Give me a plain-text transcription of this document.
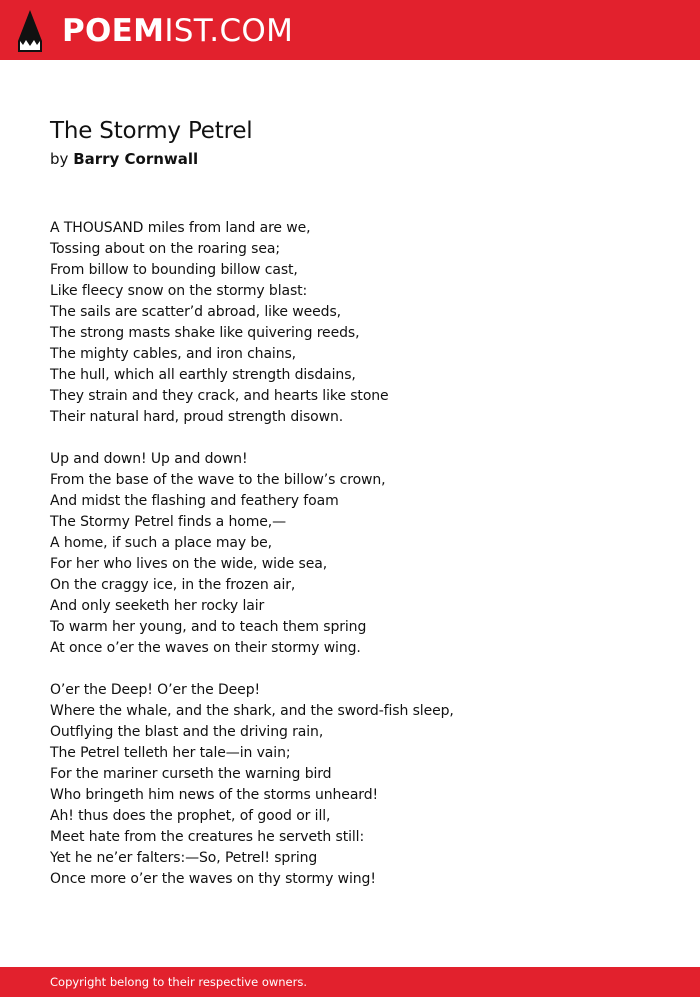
POEMIST.COM
The Stormy Petrel
by Barry Cornwall
A THOUSAND miles from land are we,
Tossing about on the roaring sea;
From billow to bounding billow cast,
Like fleecy snow on the stormy blast:
The sails are scatter’d abroad, like weeds,
The strong masts shake like quivering reeds,
The mighty cables, and iron chains,
The hull, which all earthly strength disdains,
They strain and they crack, and hearts like stone
Their natural hard, proud strength disown.
Up and down! Up and down!
From the base of the wave to the billow’s crown,
And midst the flashing and feathery foam
The Stormy Petrel finds a home,—
A home, if such a place may be,
For her who lives on the wide, wide sea,
On the craggy ice, in the frozen air,
And only seeketh her rocky lair
To warm her young, and to teach them spring
At once o’er the waves on their stormy wing.
O’er the Deep! O’er the Deep!
Where the whale, and the shark, and the sword-fish sleep,
Outflying the blast and the driving rain,
The Petrel telleth her tale—in vain;
For the mariner curseth the warning bird
Who bringeth him news of the storms unheard!
Ah! thus does the prophet, of good or ill,
Meet hate from the creatures he serveth still:
Yet he ne’er falters:—So, Petrel! spring
Once more o’er the waves on thy stormy wing!
Copyright belong to their respective owners.
